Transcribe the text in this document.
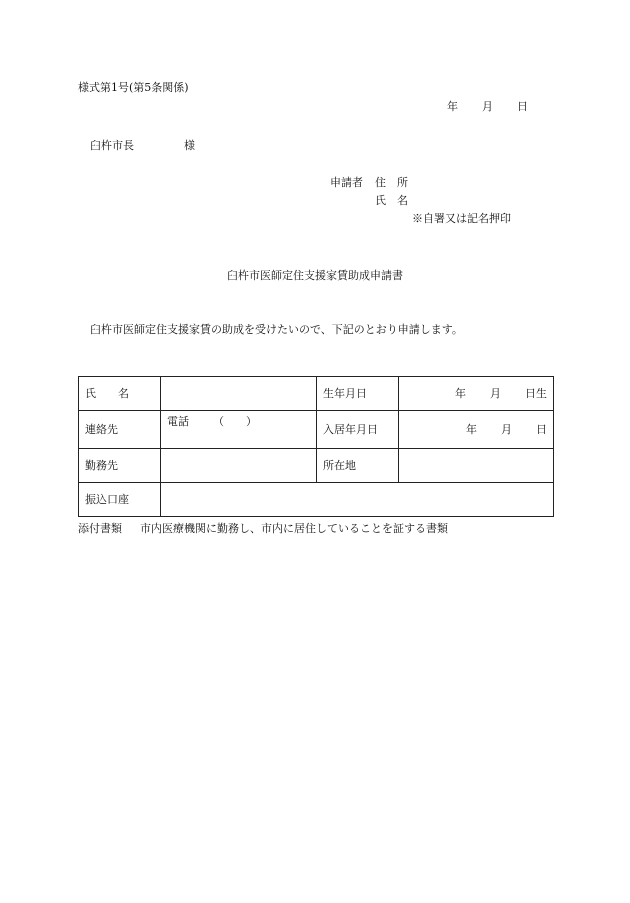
様式第1号(第5条関係)
年 月 日
臼杵市長	様
申請者 住　所
氏　名
※自署又は記名押印
臼杵市医師定住支援家賃助成申請書
臼杵市医師定住支援家賃の助成を受けたいので、下記のとおり申請します。
氏　　名		生年月日	年 月 日生
連絡先	電話 （　　）	入居年月日	年 月 日
勤務先		所在地	
振込口座			
添付書類 市内医療機関に勤務し、市内に居住していることを証する書類
